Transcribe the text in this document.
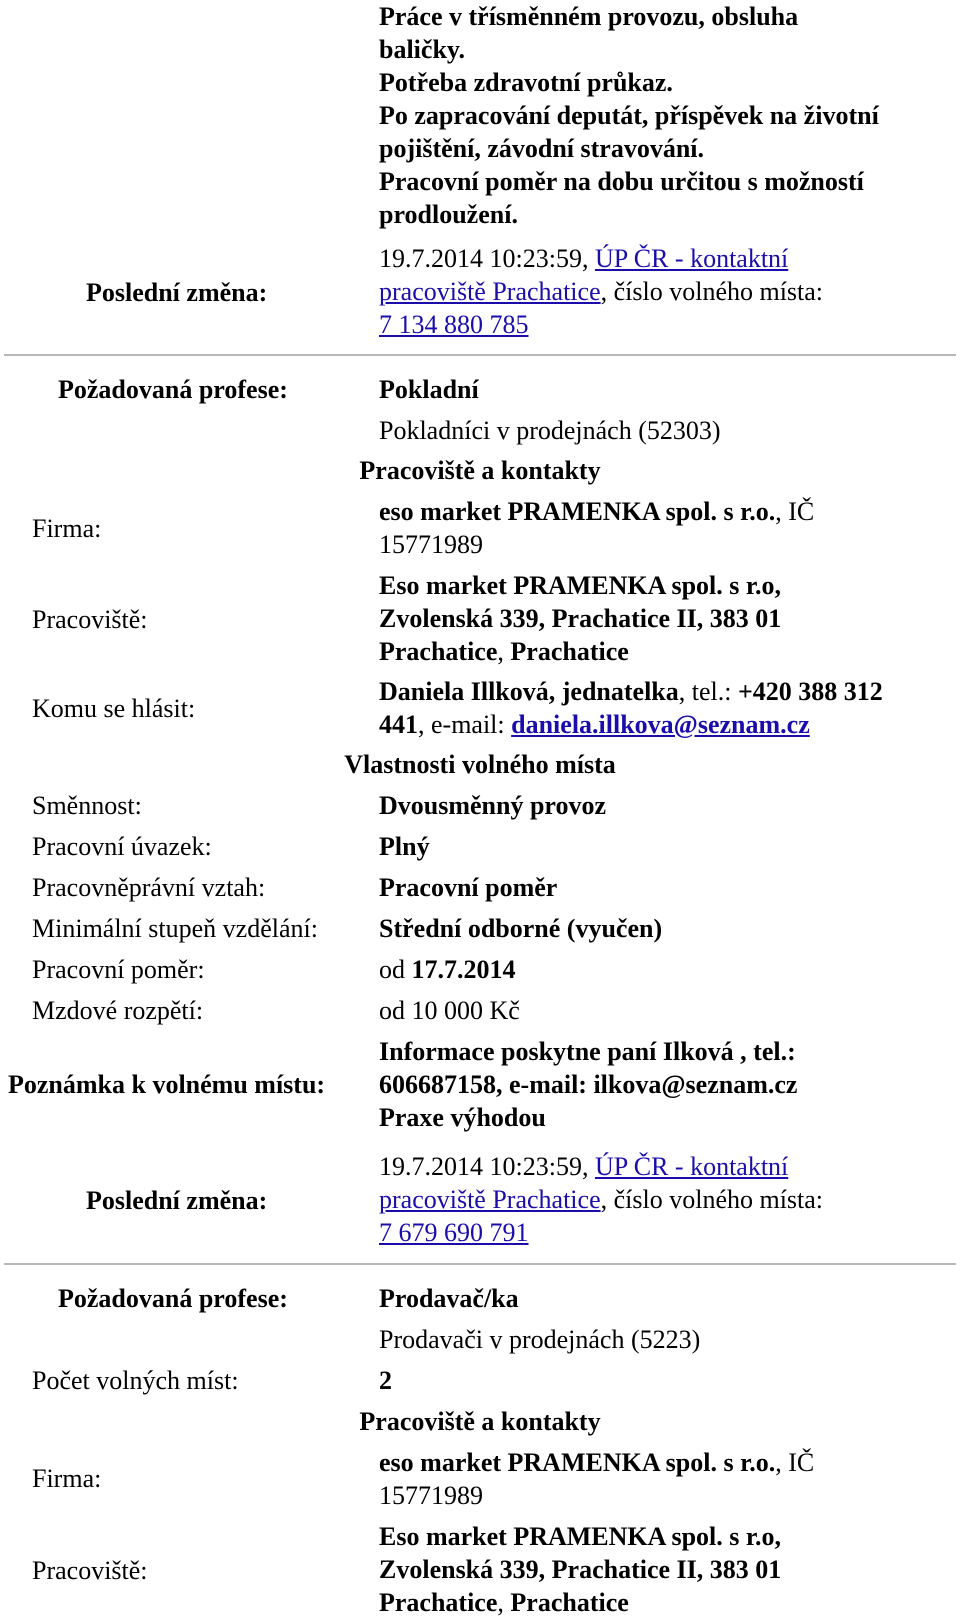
Práce v třísměnném provozu, obsluha
baličky.
Potřeba zdravotní průkaz.
Po zapracování deputát, příspěvek na životní
pojištění, závodní stravování.
Pracovní poměr na dobu určitou s možností
prodloužení.
Poslední změna:
19.7.2014 10:23:59, ÚP ČR - kontaktní
pracoviště Prachatice, číslo volného místa:
7 134 880 785
Požadovaná profese:	Pokladní
Pokladníci v prodejnách (52303)
Pracoviště a kontakty
Firma:
eso market PRAMENKA spol. s r.o., IČ
15771989
Pracoviště:
Eso market PRAMENKA spol. s r.o,
Zvolenská 339, Prachatice II, 383 01
Prachatice, Prachatice
Komu se hlásit:
Daniela Illková, jednatelka, tel.: +420 388 312
441, e-mail: daniela.illkova@seznam.cz
Vlastnosti volného místa
Směnnost:	Dvousměnný provoz
Pracovní úvazek:	Plný
Pracovněprávní vztah:	Pracovní poměr
Minimální stupeň vzdělání: Střední odborné (vyučen)
Pracovní poměr:	od 17.7.2014
Mzdové rozpětí:	od 10 000 Kč
Poznámka k volnému místu:
Informace poskytne paní Ilková , tel.:
606687158, e-mail: ilkova@seznam.cz
Praxe výhodou
Poslední změna:
19.7.2014 10:23:59, ÚP ČR - kontaktní
pracoviště Prachatice, číslo volného místa:
7 679 690 791
Požadovaná profese:	Prodavač/ka
Prodavači v prodejnách (5223)
Počet volných míst:	2
Pracoviště a kontakty
Firma:
eso market PRAMENKA spol. s r.o., IČ
15771989
Pracoviště:
Eso market PRAMENKA spol. s r.o,
Zvolenská 339, Prachatice II, 383 01
Prachatice, Prachatice
